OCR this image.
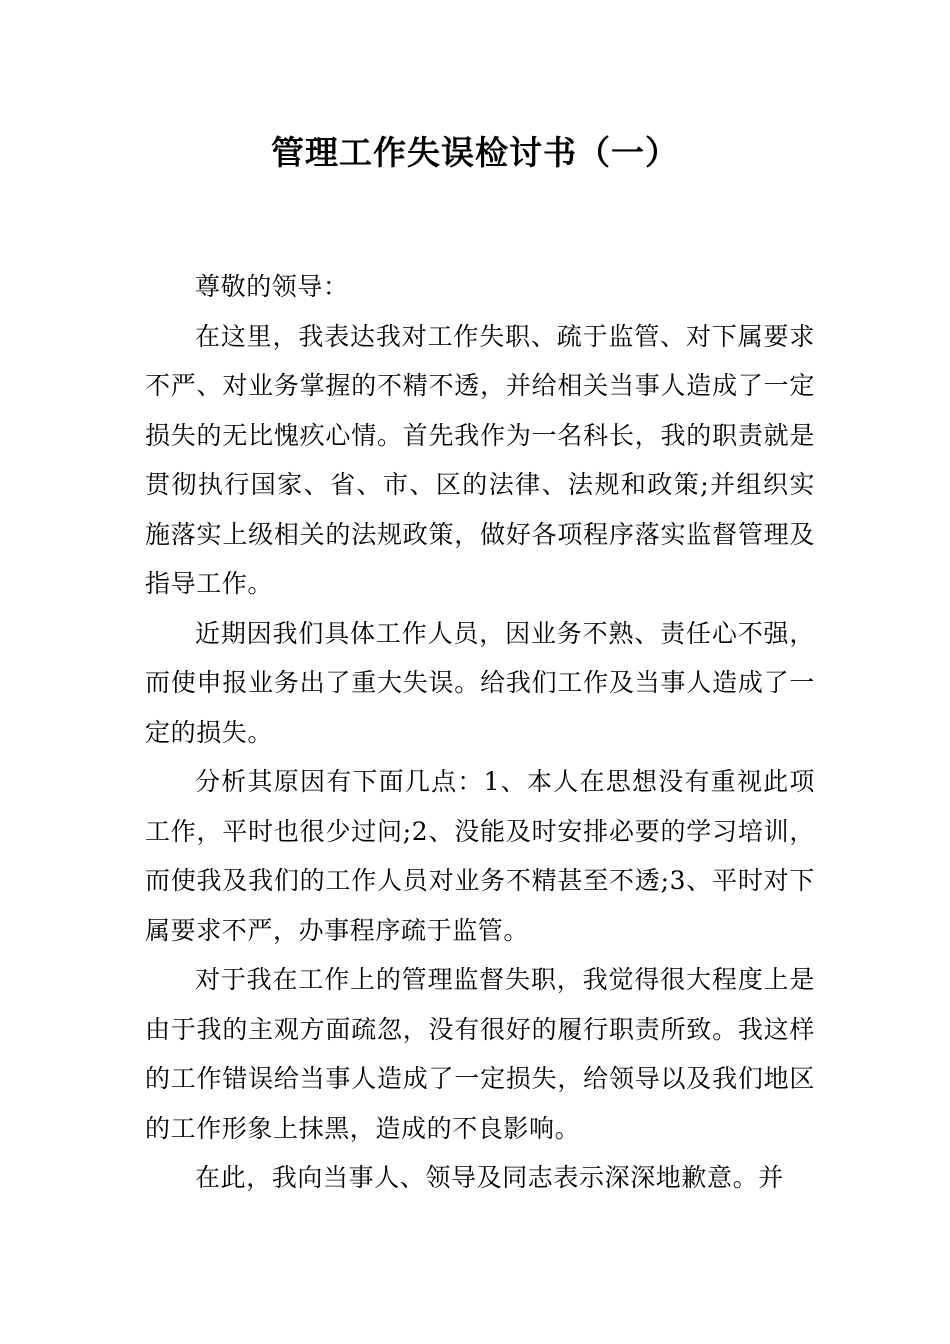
管理工作失误检讨书（一）

尊敬的领导：

在这里，我表达我对工作失职、疏于监管、对下属要求不严、对业务掌握的不精不透，并给相关当事人造成了一定损失的无比愧疚心情。首先我作为一名科长，我的职责就是贯彻执行国家、省、市、区的法律、法规和政策;并组织实施落实上级相关的法规政策，做好各项程序落实监督管理及指导工作。

近期因我们具体工作人员，因业务不熟、责任心不强，而使申报业务出了重大失误。给我们工作及当事人造成了一定的损失。

分析其原因有下面几点：1、本人在思想没有重视此项工作，平时也很少过问;2、没能及时安排必要的学习培训，而使我及我们的工作人员对业务不精甚至不透;3、平时对下属要求不严，办事程序疏于监管。

对于我在工作上的管理监督失职，我觉得很大程度上是由于我的主观方面疏忽，没有很好的履行职责所致。我这样的工作错误给当事人造成了一定损失，给领导以及我们地区的工作形象上抹黑，造成的不良影响。

在此，我向当事人、领导及同志表示深深地歉意。并
